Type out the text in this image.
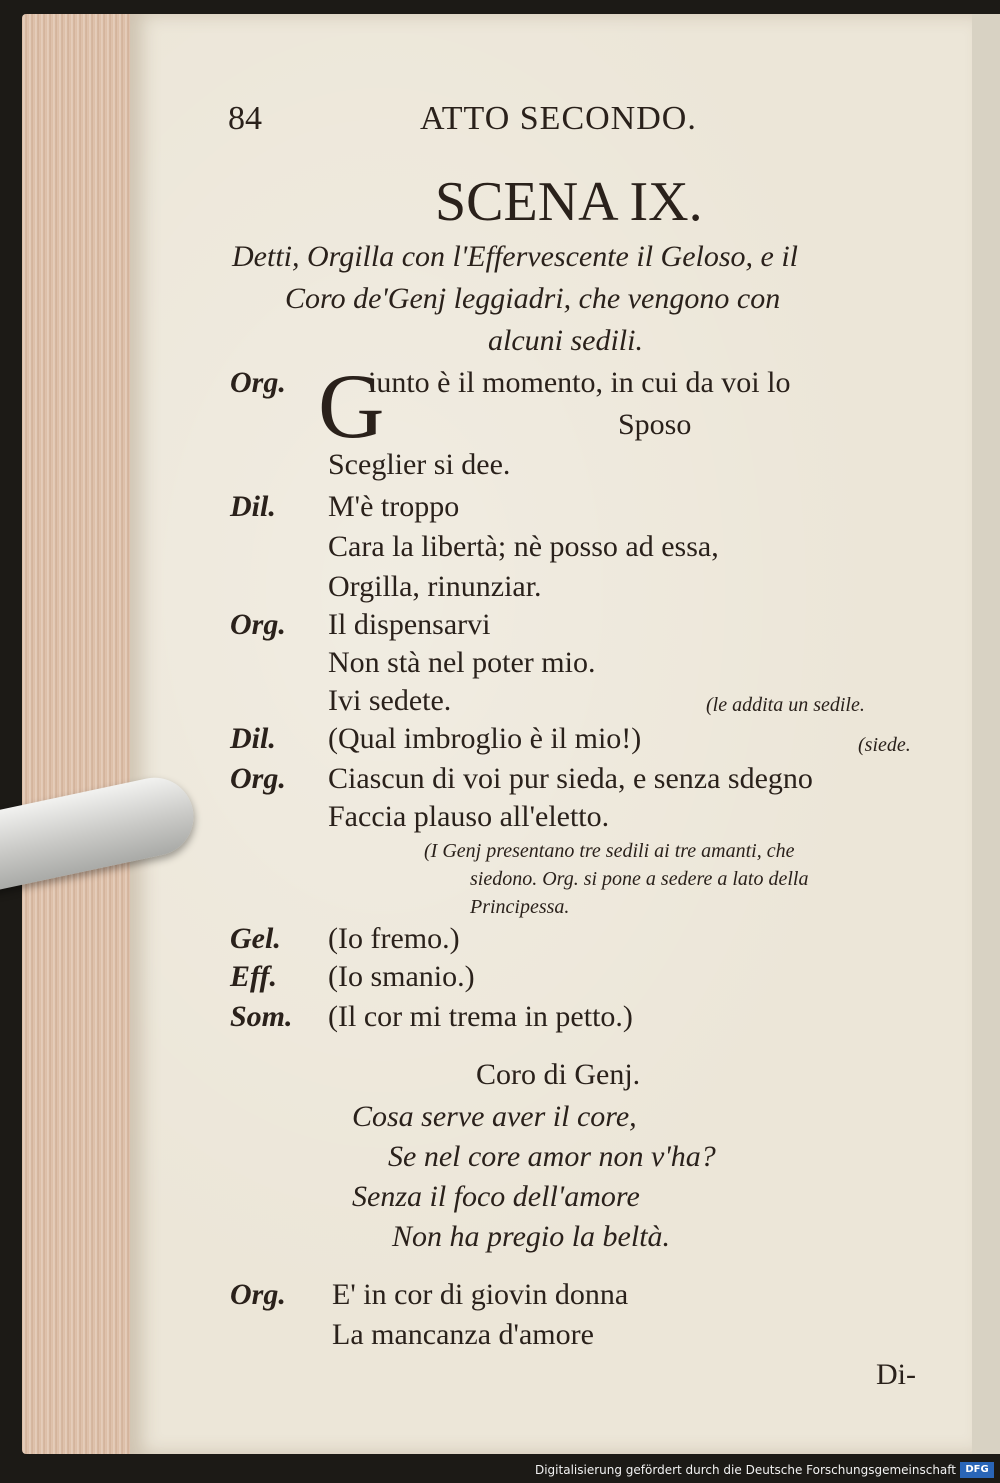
84	ATTO SECONDO.
SCENA IX.
Detti, Orgilla con l'Effervescente il Geloso, e il
Coro de'Genj leggiadri, che vengono con
alcuni sedili.
Org. G
iunto è il momento, in cui da voi lo
Sposo
Sceglier si dee.
Dil. M'è troppo
Cara la libertà; nè posso ad essa,
Orgilla, rinunziar.
Org. Il dispensarvi
Non stà nel poter mio.
Ivi sedete.	(le addita un sedile.
Dil. (Qual imbroglio è il mio!)	(siede.
Org. Ciascun di voi pur sieda, e senza sdegno
Faccia plauso all'eletto.
(I Genj presentano tre sedili ai tre amanti, che
siedono. Org. si pone a sedere a lato della
Principessa.
Gel. (Io fremo.)
Eff. (Io smanio.)
Som. (Il cor mi trema in petto.)
Coro di Genj.
Cosa serve aver il core,
Se nel core amor non v'ha?
Senza il foco dell'amore
Non ha pregio la beltà.
Org. E' in cor di giovin donna
La mancanza d'amore
Di-
Digitalisierung gefördert durch die Deutsche Forschungsgemeinschaft DFG
